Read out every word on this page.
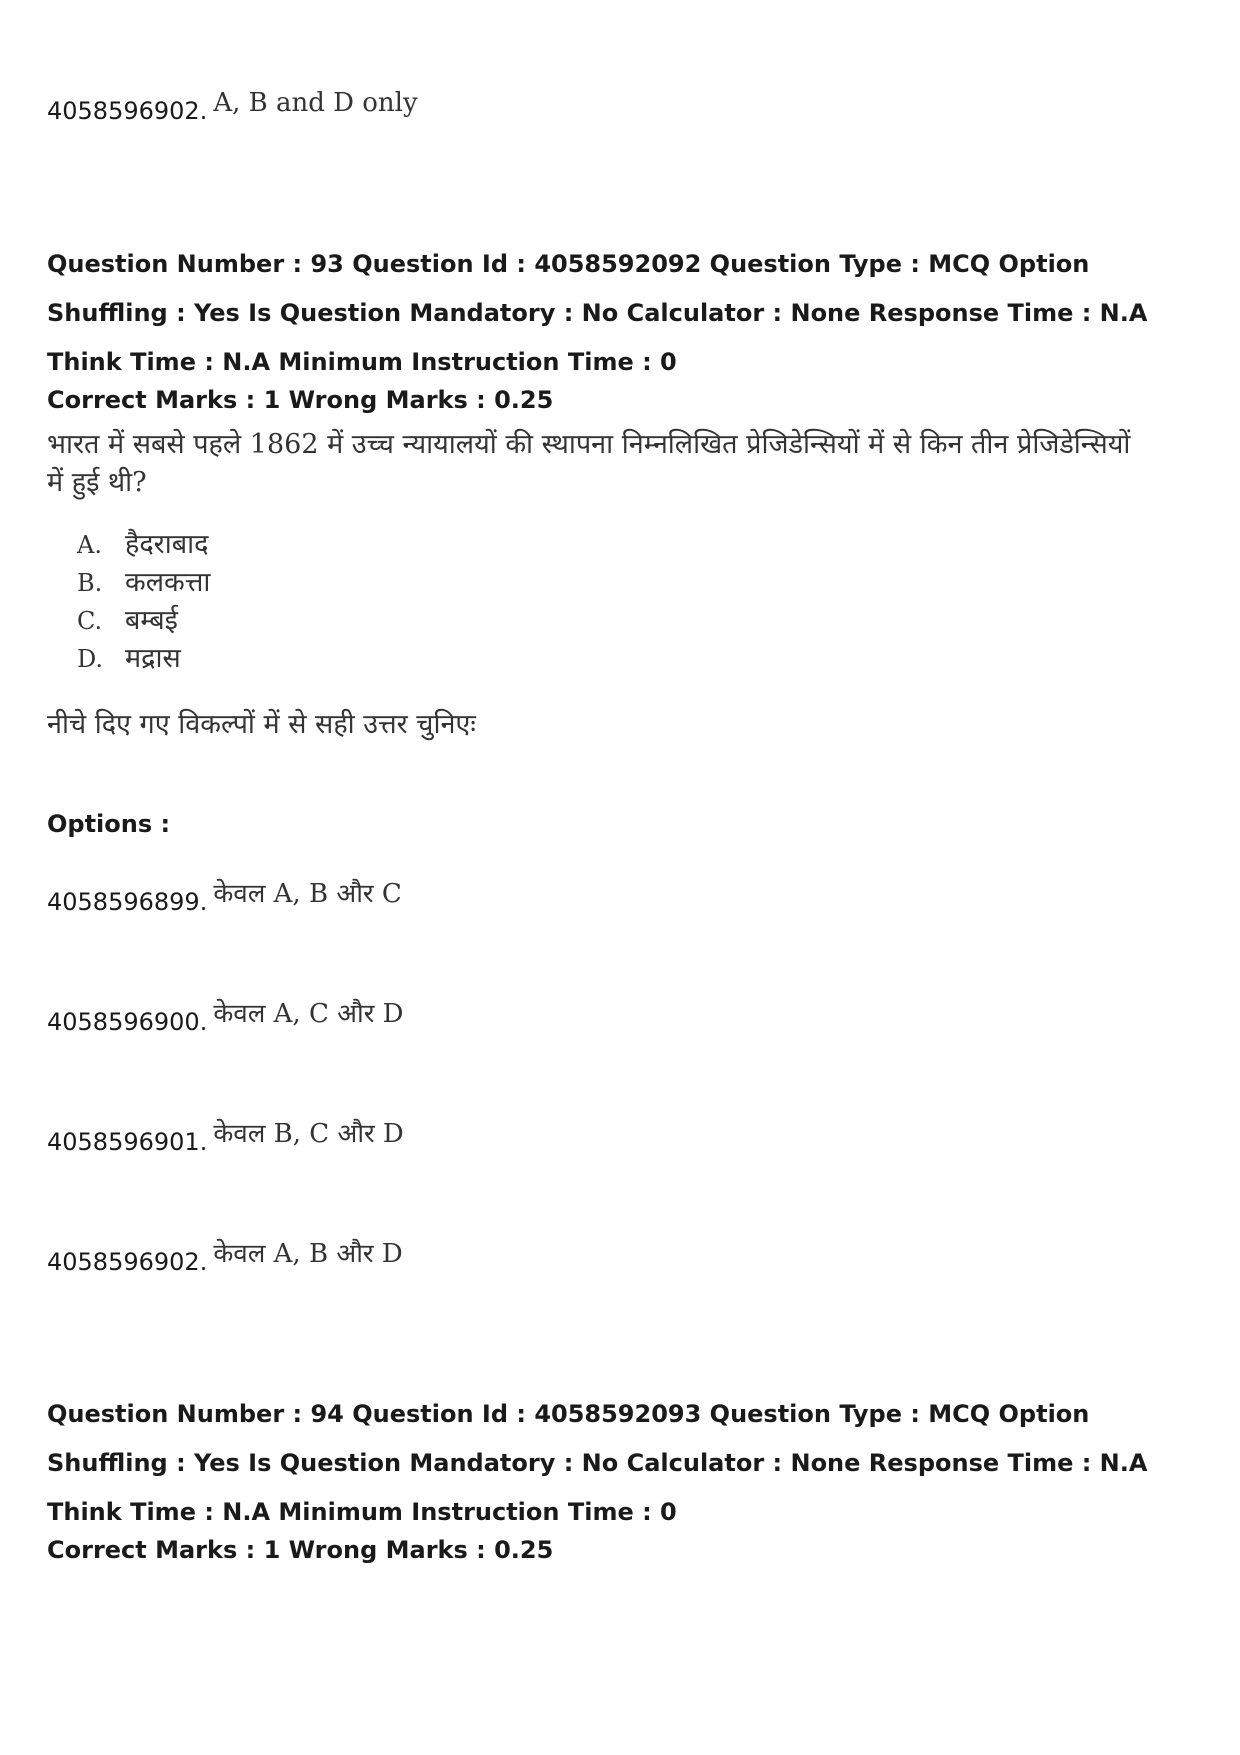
4058596902. A, B and D only

Question Number : 93 Question Id : 4058592092 Question Type : MCQ Option Shuffling : Yes Is Question Mandatory : No Calculator : None Response Time : N.A Think Time : N.A Minimum Instruction Time : 0

Correct Marks : 1 Wrong Marks : 0.25

भारत में सबसे पहले 1862 में उच्च न्यायालयों की स्थापना निम्नलिखित प्रेजिडेन्सियों में से किन तीन प्रेजिडेन्सियों में हुई थी?

A. हैदराबाद
B. कलकत्ता
C. बम्बई
D. मद्रास

नीचे दिए गए विकल्पों में से सही उत्तर चुनिएः

Options :
4058596899. केवल A, B और C
4058596900. केवल A, C और D
4058596901. केवल B, C और D
4058596902. केवल A, B और D

Question Number : 94 Question Id : 4058592093 Question Type : MCQ Option Shuffling : Yes Is Question Mandatory : No Calculator : None Response Time : N.A Think Time : N.A Minimum Instruction Time : 0

Correct Marks : 1 Wrong Marks : 0.25
